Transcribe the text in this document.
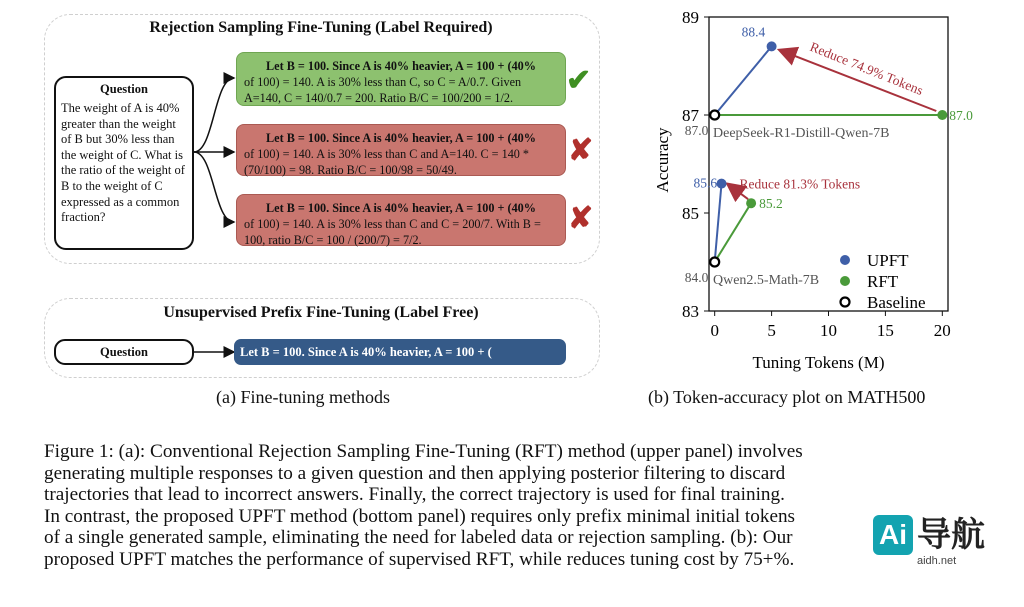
Rejection Sampling Fine-Tuning (Label Required)
Question
The weight of A is 40% greater than the weight of B but 30% less than the weight of C. What is the ratio of the weight of B to the weight of C expressed as a common fraction?
Let B = 100. Since A is 40% heavier, A = 100 + (40%
of 100) = 140. A is 30% less than C, so C = A/0.7. Given A=140, C = 140/0.7 = 200. Ratio B/C = 100/200 = 1/2.
✔
Let B = 100. Since A is 40% heavier, A = 100 + (40%
of 100) = 140. A is 30% less than C and A=140. C = 140 * (70/100) = 98. Ratio B/C = 100/98 = 50/49.
✘
Let B = 100. Since A is 40% heavier, A = 100 + (40%
of 100) = 140. A is 30% less than C and C = 200/7. With B = 100, ratio B/C = 100 / (200/7) = 7/2.
✘
Unsupervised Prefix Fine-Tuning (Label Free)
Question	Let B = 100. Since A is 40% heavier, A = 100 + (
(a) Fine-tuning methods
0	5	10 15 20
83
85
87
89
Tuning Tokens (M)
Accuracy
Reduce 74.9% Tokens
Reduce 81.3% Tokens
DeepSeek-R1-Distill-Qwen-7B
Qwen2.5-Math-7B
88.4
85.6
87.0
85.2
87.0
84.0
UPFT
RFT
Baseline
(b) Token-accuracy plot on MATH500
Figure 1: (a): Conventional Rejection Sampling Fine-Tuning (RFT) method (upper panel) involves
generating multiple responses to a given question and then applying posterior filtering to discard
trajectories that lead to incorrect answers. Finally, the correct trajectory is used for final training.
In contrast, the proposed UPFT method (bottom panel) requires only prefix minimal initial tokens
of a single generated sample, eliminating the need for labeled data or rejection sampling. (b): Our
proposed UPFT matches the performance of supervised RFT, while reduces tuning cost by 75+%.
Ai 导航
aidh.net
